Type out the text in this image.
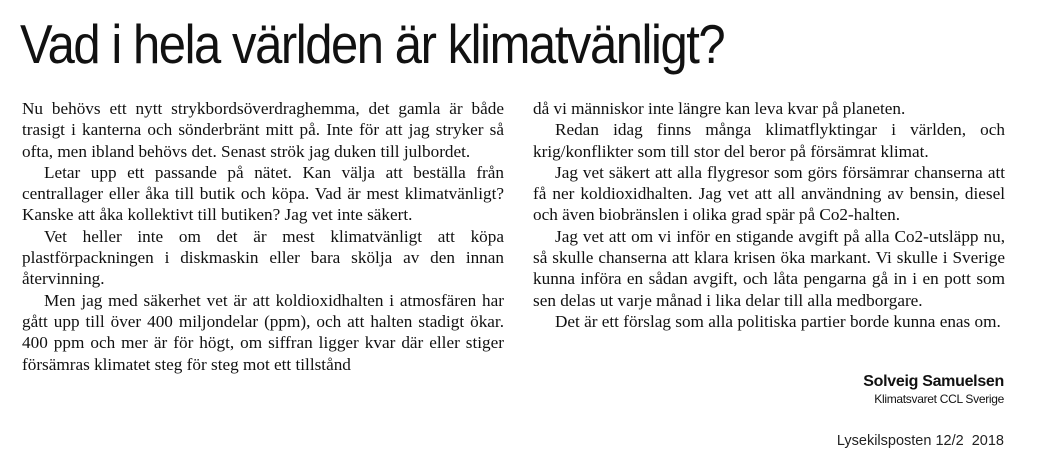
Vad i hela världen är klimatvänligt?

Nu behövs ett nytt strykbordsöverdraghemma, det gamla är både trasigt i kanterna och sönderbränt mitt på. Inte för att jag stryker så ofta, men ibland behövs det. Senast strök jag duken till julbordet.

Letar upp ett passande på nätet. Kan välja att beställa från centrallager eller åka till butik och köpa. Vad är mest klimatvänligt? Kanske att åka kollektivt till butiken? Jag vet inte säkert.

Vet heller inte om det är mest klimatvänligt att köpa plastförpackningen i diskmaskin eller bara skölja av den innan återvinning.

Men jag med säkerhet vet är att koldioxidhalten i atmosfären har gått upp till över 400 miljondelar (ppm), och att halten stadigt ökar. 400 ppm och mer är för högt, om siffran ligger kvar där eller stiger försämras klimatet steg för steg mot ett tillstånd

då vi människor inte längre kan leva kvar på planeten.

Redan idag finns många klimatflyktingar i världen, och krig/konflikter som till stor del beror på försämrat klimat.

Jag vet säkert att alla flygresor som görs försämrar chanserna att få ner koldioxidhalten. Jag vet att all användning av bensin, diesel och även biobränslen i olika grad spär på Co2-halten.

Jag vet att om vi inför en stigande avgift på alla Co2-utsläpp nu, så skulle chanserna att klara krisen öka markant. Vi skulle i Sverige kunna införa en sådan avgift, och låta pengarna gå in i en pott som sen delas ut varje månad i lika delar till alla medborgare.

Det är ett förslag som alla politiska partier borde kunna enas om.

Solveig Samuelsen
Klimatsvaret CCL Sverige
Lysekilsposten 12/2  2018
